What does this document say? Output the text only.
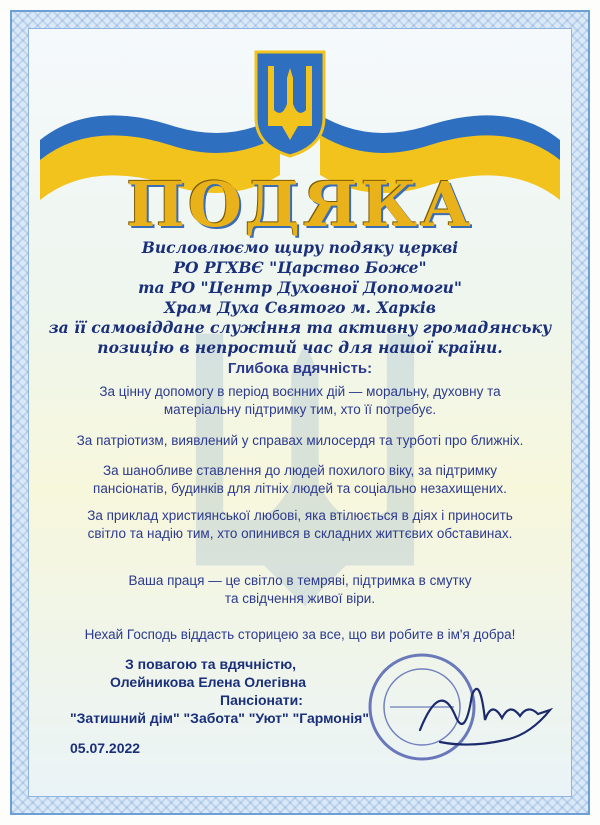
ПОДЯКА
Висловлюємо щиру подяку церкві
РО РГХВЄ "Царство Боже"
та РО "Центр Духовної Допомоги"
Храм Духа Святого м. Харків
за її самовіддане служіння та активну громадянську
позицію в непростий час для нашої країни.
Глибока вдячність:
За цінну допомогу в період воєнних дій — моральну, духовну та
матеріальну підтримку тим, хто її потребує.
За патріотизм, виявлений у справах милосердя та турботі про ближніх.
За шанобливе ставлення до людей похилого віку, за підтримку
пансіонатів, будинків для літніх людей та соціально незахищених.
За приклад християнської любові, яка втілюється в діях і приносить
світло та надію тим, хто опинився в складних життєвих обставинах.
Ваша праця — це світло в темряві, підтримка в смутку
та свідчення живої віри.
Нехай Господь віддасть сторицею за все, що ви робите в ім'я добра!
З повагою та вдячністю,
Олейникова Елена Олегівна
Пансіонати:
"Затишний дім" "Забота" "Уют" "Гармонія"
05.07.2022
